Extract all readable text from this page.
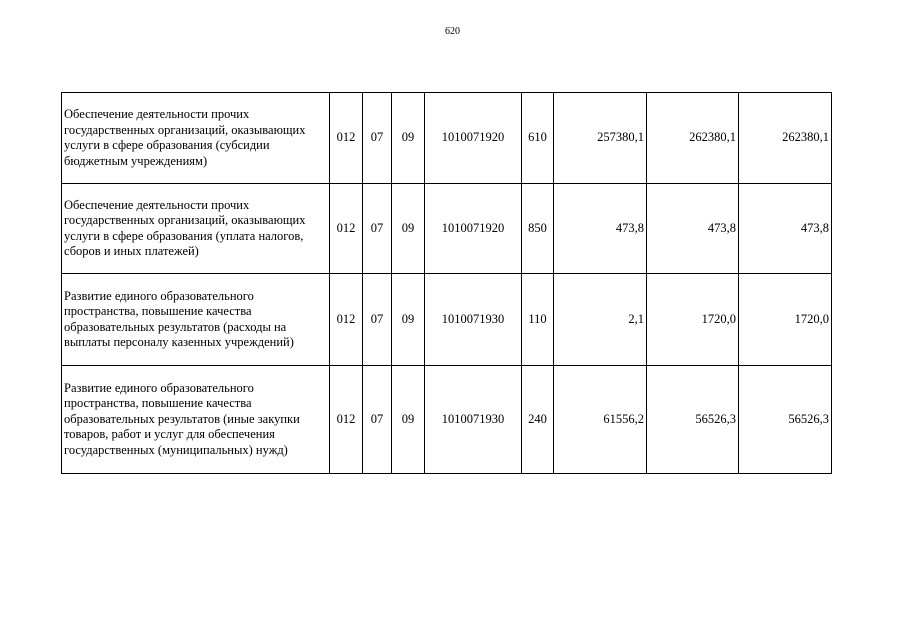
620
Обеспечение деятельности прочих государственных организаций, оказывающих услуги в сфере образования (субсидии бюджетным учреждениям)	012	07	09	1010071920	610	257380,1	262380,1	262380,1
Обеспечение деятельности прочих государственных организаций, оказывающих услуги в сфере образования (уплата налогов, сборов и иных платежей)	012	07	09	1010071920	850	473,8	473,8	473,8
Развитие единого образовательного пространства, повышение качества образовательных результатов (расходы на выплаты персоналу казенных учреждений)	012	07	09	1010071930	110	2,1	1720,0	1720,0
Развитие единого образовательного пространства, повышение качества образовательных результатов (иные закупки товаров, работ и услуг для обеспечения государственных (муниципальных) нужд)	012	07	09	1010071930	240	61556,2	56526,3	56526,3
